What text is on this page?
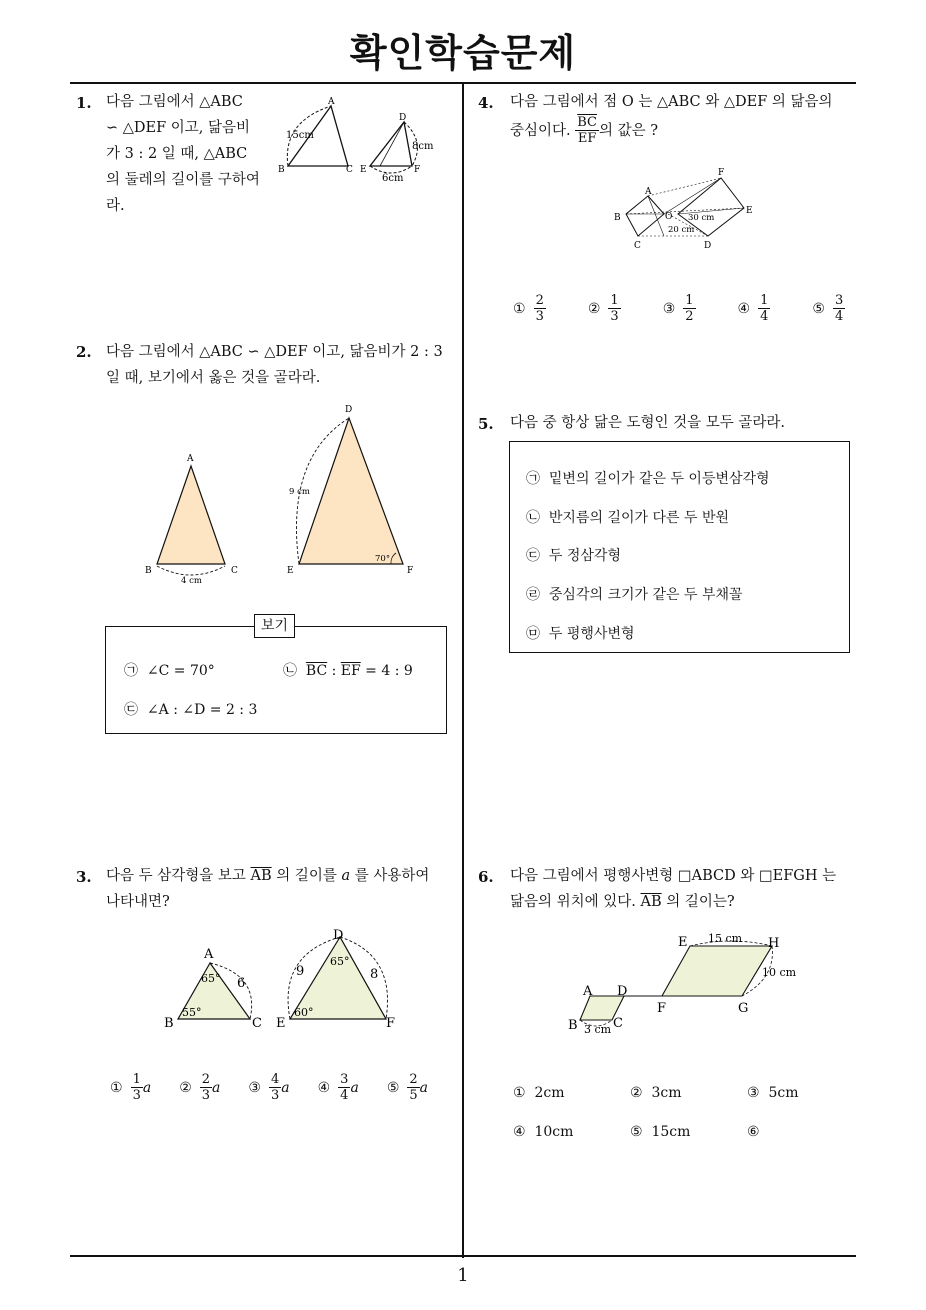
확인학습문제
1
1. 다음 그림에서 △ABC
∽ △DEF 이고, 닮음비
가 3 : 2 일 때, △ABC
의 둘레의 길이를 구하여
라.
A
B	C
15cm
D
E	F
8cm
6cm
2. 다음 그림에서 △ABC ∽ △DEF 이고, 닮음비가 2 : 3
일 때, 보기에서 옳은 것을 골라라.
A
B	C
4 cm
D
E	F
9 cm
70°
보기
㉠ ∠C = 70°	㉡ $\overline{BC}$ : $\overline{EF} = 4$ : 9
㉢ ∠A : ∠D = 2 : 3
3. 다음 두 삼각형을 보고 $\overline{AB}$ 의 길이를 a 를 사용하여
나타내면?
A
B	C
65°
55°
6
D
E	F
65°
60°
9	8
① $\frac{1}{3}$ a ② $\frac{2}{3}$ a ③ $\frac{4}{3}$ a ④ $\frac{3}{4}$ a ⑤ $\frac{2}{5}$ a
4. 다음 그림에서 점 O 는 △ABC 와 △DEF 의 닮음의
중심이다.
$\frac{\overline{BC}}{EF}$ 의 값은 ?
A
B
C
O
D
E
F
30 cm
20 cm
① $\frac{2}{3}$	② $\frac{1}{3}$	③ $\frac{1}{2}$	④ $\frac{1}{4}$	⑤ $\frac{3}{4}$
5. 다음 중 항상 닮은 도형인 것을 모두 골라라.
㉠ 밑변의 길이가 같은 두 이등변삼각형
㉡ 반지름의 길이가 다른 두 반원
㉢ 두 정삼각형
㉣ 중심각의 크기가 같은 두 부채꼴
㉤ 두 평행사변형
6. 다음 그림에서 평행사변형 □ABCD 와 □EFGH 는
닮음의 위치에 있다. $\overline{AB}$ 의 길이는?
A
B	C
D
E
F	G
H
15 cm
10 cm
3 cm
① 2cm	② 3cm	③ 5cm
④ 10cm	⑤ 15cm	⑥
